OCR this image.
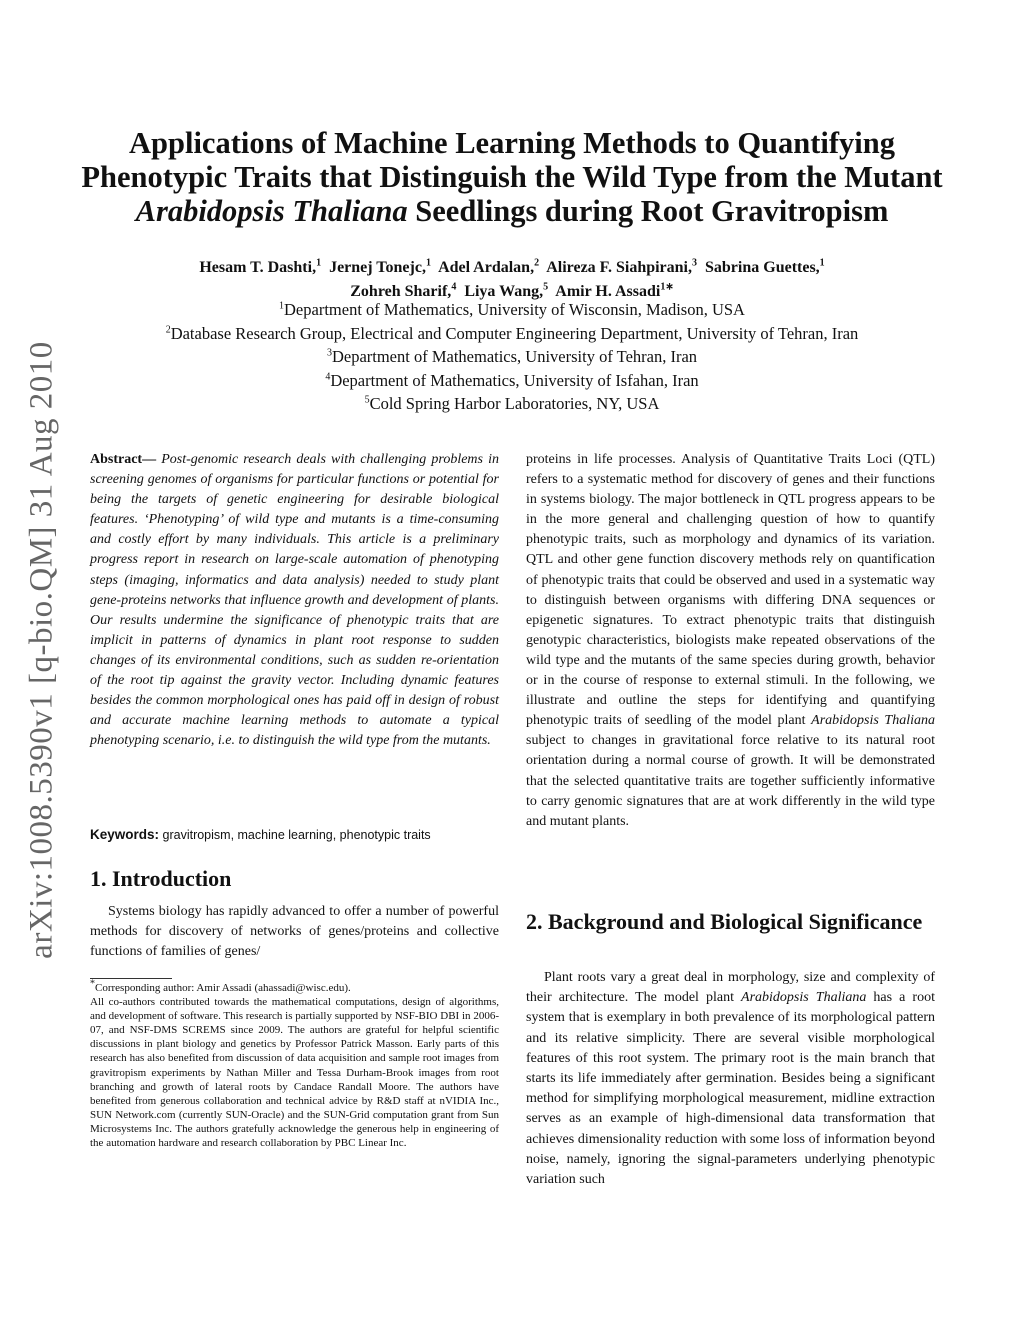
arXiv:1008.5390v1 [q-bio.QM] 31 Aug 2010
Applications of Machine Learning Methods to Quantifying
Phenotypic Traits that Distinguish the Wild Type from the Mutant
Arabidopsis Thaliana Seedlings during Root Gravitropism
Hesam T. Dashti,$^1$ Jernej Tonejc,$^1$ Adel Ardalan,$^2$ Alireza F. Siahpirani,$^3$ Sabrina Guettes,$^1$
Zohreh Sharif,$^4$ Liya Wang,$^5$ Amir H. Assadi$^{1∗}$
$^1$Department of Mathematics, University of Wisconsin, Madison, USA
$^2$Database Research Group, Electrical and Computer Engineering Department, University of Tehran, Iran
$^3$Department of Mathematics, University of Tehran, Iran
$^4$Department of Mathematics, University of Isfahan, Iran
$^5$Cold Spring Harbor Laboratories, NY, USA
Abstract— Post-genomic research deals with challenging problems in screening genomes of organisms for particular functions or potential for being the targets of genetic engineering for desirable biological features. ‘Phenotyping’ of wild type and mutants is a time-consuming and costly effort by many individuals. This article is a preliminary progress report in research on large-scale automation of phenotyping steps (imaging, informatics and data analysis) needed to study plant gene-proteins networks that influence growth and development of plants. Our results undermine the significance of phenotypic traits that are implicit in patterns of dynamics in plant root response to sudden changes of its environmental conditions, such as sudden re-orientation of the root tip against the gravity vector. Including dynamic features besides the common morphological ones has paid off in design of robust and accurate machine learning methods to automate a typical phenotyping scenario, i.e. to distinguish the wild type from the mutants.
Keywords: gravitropism, machine learning, phenotypic traits
1. Introduction
Systems biology has rapidly advanced to offer a number of powerful methods for discovery of networks of genes/proteins and collective functions of families of genes/

*Corresponding author: Amir Assadi (ahassadi@wisc.edu).

All co-authors contributed towards the mathematical computations, design of algorithms, and development of software. This research is partially supported by NSF-BIO DBI in 2006-07, and NSF-DMS SCREMS since 2009. The authors are grateful for helpful scientific discussions in plant biology and genetics by Professor Patrick Masson. Early parts of this research has also benefited from discussion of data acquisition and sample root images from gravitropism experiments by Nathan Miller and Tessa Durham-Brook images from root branching and growth of lateral roots by Candace Randall Moore. The authors have benefited from generous collaboration and technical advice by R&D staff at nVIDIA Inc., SUN Network.com (currently SUN-Oracle) and the SUN-Grid computation grant from Sun Microsystems Inc. The authors gratefully acknowledge the generous help in engineering of the automation hardware and research collaboration by PBC Linear Inc.

proteins in life processes. Analysis of Quantitative Traits Loci (QTL) refers to a systematic method for discovery of genes and their functions in systems biology. The major bottleneck in QTL progress appears to be in the more general and challenging question of how to quantify phenotypic traits, such as morphology and dynamics of its variation. QTL and other gene function discovery methods rely on quantification of phenotypic traits that could be observed and used in a systematic way to distinguish between organisms with differing DNA sequences or epigenetic signatures. To extract phenotypic traits that distinguish genotypic characteristics, biologists make repeated observations of the wild type and the mutants of the same species during growth, behavior or in the course of response to external stimuli. In the following, we illustrate and outline the steps for identifying and quantifying phenotypic traits of seedling of the model plant Arabidopsis Thaliana subject to changes in gravitational force relative to its natural root orientation during a normal course of growth. It will be demonstrated that the selected quantitative traits are together sufficiently informative to carry genomic signatures that are at work differently in the wild type and mutant plants.
2. Background and Biological Significance
Plant roots vary a great deal in morphology, size and complexity of their architecture. The model plant Arabidopsis Thaliana has a root system that is exemplary in both prevalence of its morphological pattern and its relative simplicity. There are several visible morphological features of this root system. The primary root is the main branch that starts its life immediately after germination. Besides being a significant method for simplifying morphological measurement, midline extraction serves as an example of high-dimensional data transformation that achieves dimensionality reduction with some loss of information beyond noise, namely, ignoring the signal-parameters underlying phenotypic variation such
